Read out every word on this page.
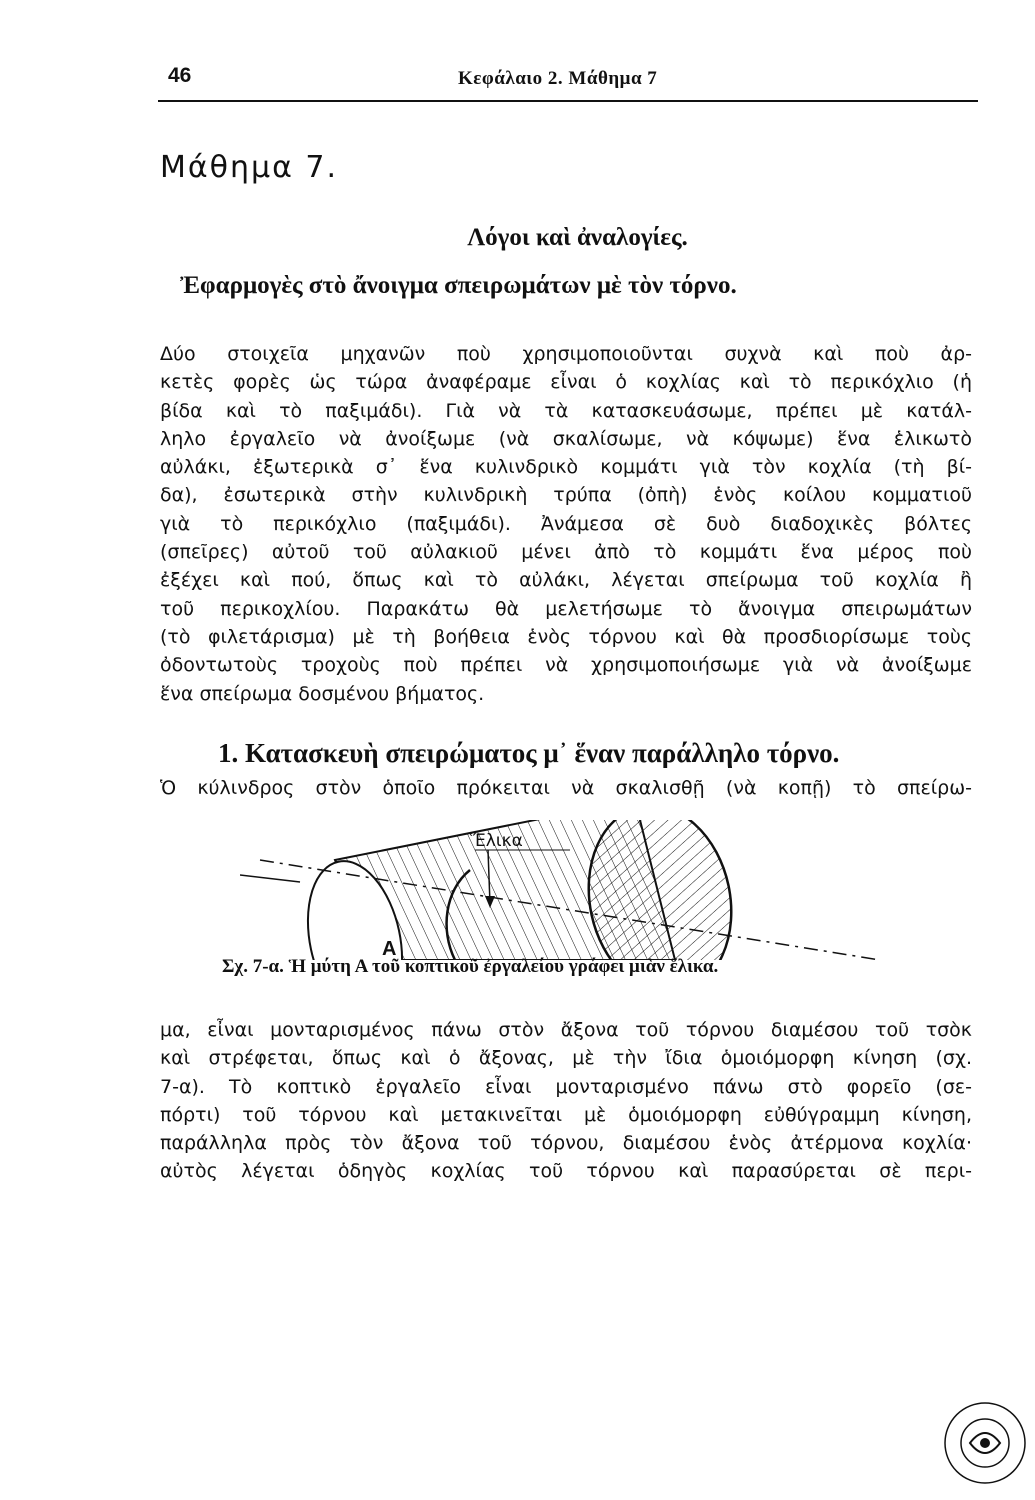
46	Κεφάλαιο 2. Μάθημα 7
Μάθημα 7.
Λόγοι καὶ ἀναλογίες.
Ἐφαρμογὲς στὸ ἄνοιγμα σπειρωμάτων μὲ τὸν τόρνο.
Δύο στοιχεῖα μηχανῶν ποὺ χρησιμοποιοῦνται συχνὰ καὶ ποὺ ἀρ-
κετὲς φορὲς ὡς τώρα ἀναφέραμε εἶναι ὁ κοχλίας καὶ τὸ περικόχλιο (ἡ
βίδα καὶ τὸ παξιμάδι). Γιὰ νὰ τὰ κατασκευάσωμε, πρέπει μὲ κατάλ-
ληλο ἐργαλεῖο νὰ ἀνοίξωμε (νὰ σκαλίσωμε, νὰ κόψωμε) ἕνα ἑλικωτὸ
αὐλάκι, ἐξωτερικὰ σ᾽ ἕνα κυλινδρικὸ κομμάτι γιὰ τὸν κοχλία (τὴ βί-
δα), ἐσωτερικὰ στὴν κυλινδρικὴ τρύπα (ὀπὴ) ἑνὸς κοίλου κομματιοῦ
γιὰ τὸ περικόχλιο (παξιμάδι). Ἀνάμεσα σὲ δυὸ διαδοχικὲς βόλτες
(σπεῖρες) αὐτοῦ τοῦ αὐλακιοῦ μένει ἀπὸ τὸ κομμάτι ἕνα μέρος ποὺ
ἐξέχει καὶ πού, ὅπως καὶ τὸ αὐλάκι, λέγεται σπείρωμα τοῦ κοχλία ἢ
τοῦ περικοχλίου. Παρακάτω θὰ μελετήσωμε τὸ ἄνοιγμα σπειρωμάτων
(τὸ φιλετάρισμα) μὲ τὴ βοήθεια ἑνὸς τόρνου καὶ θὰ προσδιορίσωμε τοὺς
ὀδοντωτοὺς τροχοὺς ποὺ πρέπει νὰ χρησιμοποιήσωμε γιὰ νὰ ἀνοίξωμε
ἕνα σπείρωμα δοσμένου βήματος.
1. Κατασκευὴ σπειρώματος μ᾽ ἕναν παράλληλο τόρνο.
Ὁ κύλινδρος στὸν ὁποῖο πρόκειται νὰ σκαλισθῇ (νὰ κοπῇ) τὸ σπείρω-
Ἕλικα
Α
Σχ. 7-α. Ἡ μύτη Α τοῦ κοπτικοῦ ἐργαλείου γράφει μιὰν ἕλικα.
μα, εἶναι μονταρισμένος πάνω στὸν ἄξονα τοῦ τόρνου διαμέσου τοῦ τσὸκ
καὶ στρέφεται, ὅπως καὶ ὁ ἄξονας, μὲ τὴν ἴδια ὁμοιόμορφη κίνηση (σχ.
7-α). Τὸ κοπτικὸ ἐργαλεῖο εἶναι μονταρισμένο πάνω στὸ φορεῖο (σε-
πόρτι) τοῦ τόρνου καὶ μετακινεῖται μὲ ὁμοιόμορφη εὐθύγραμμη κίνηση,
παράλληλα πρὸς τὸν ἄξονα τοῦ τόρνου, διαμέσου ἑνὸς ἀτέρμονα κοχλία·
αὐτὸς λέγεται ὁδηγὸς κοχλίας τοῦ τόρνου καὶ παρασύρεται σὲ περι-
